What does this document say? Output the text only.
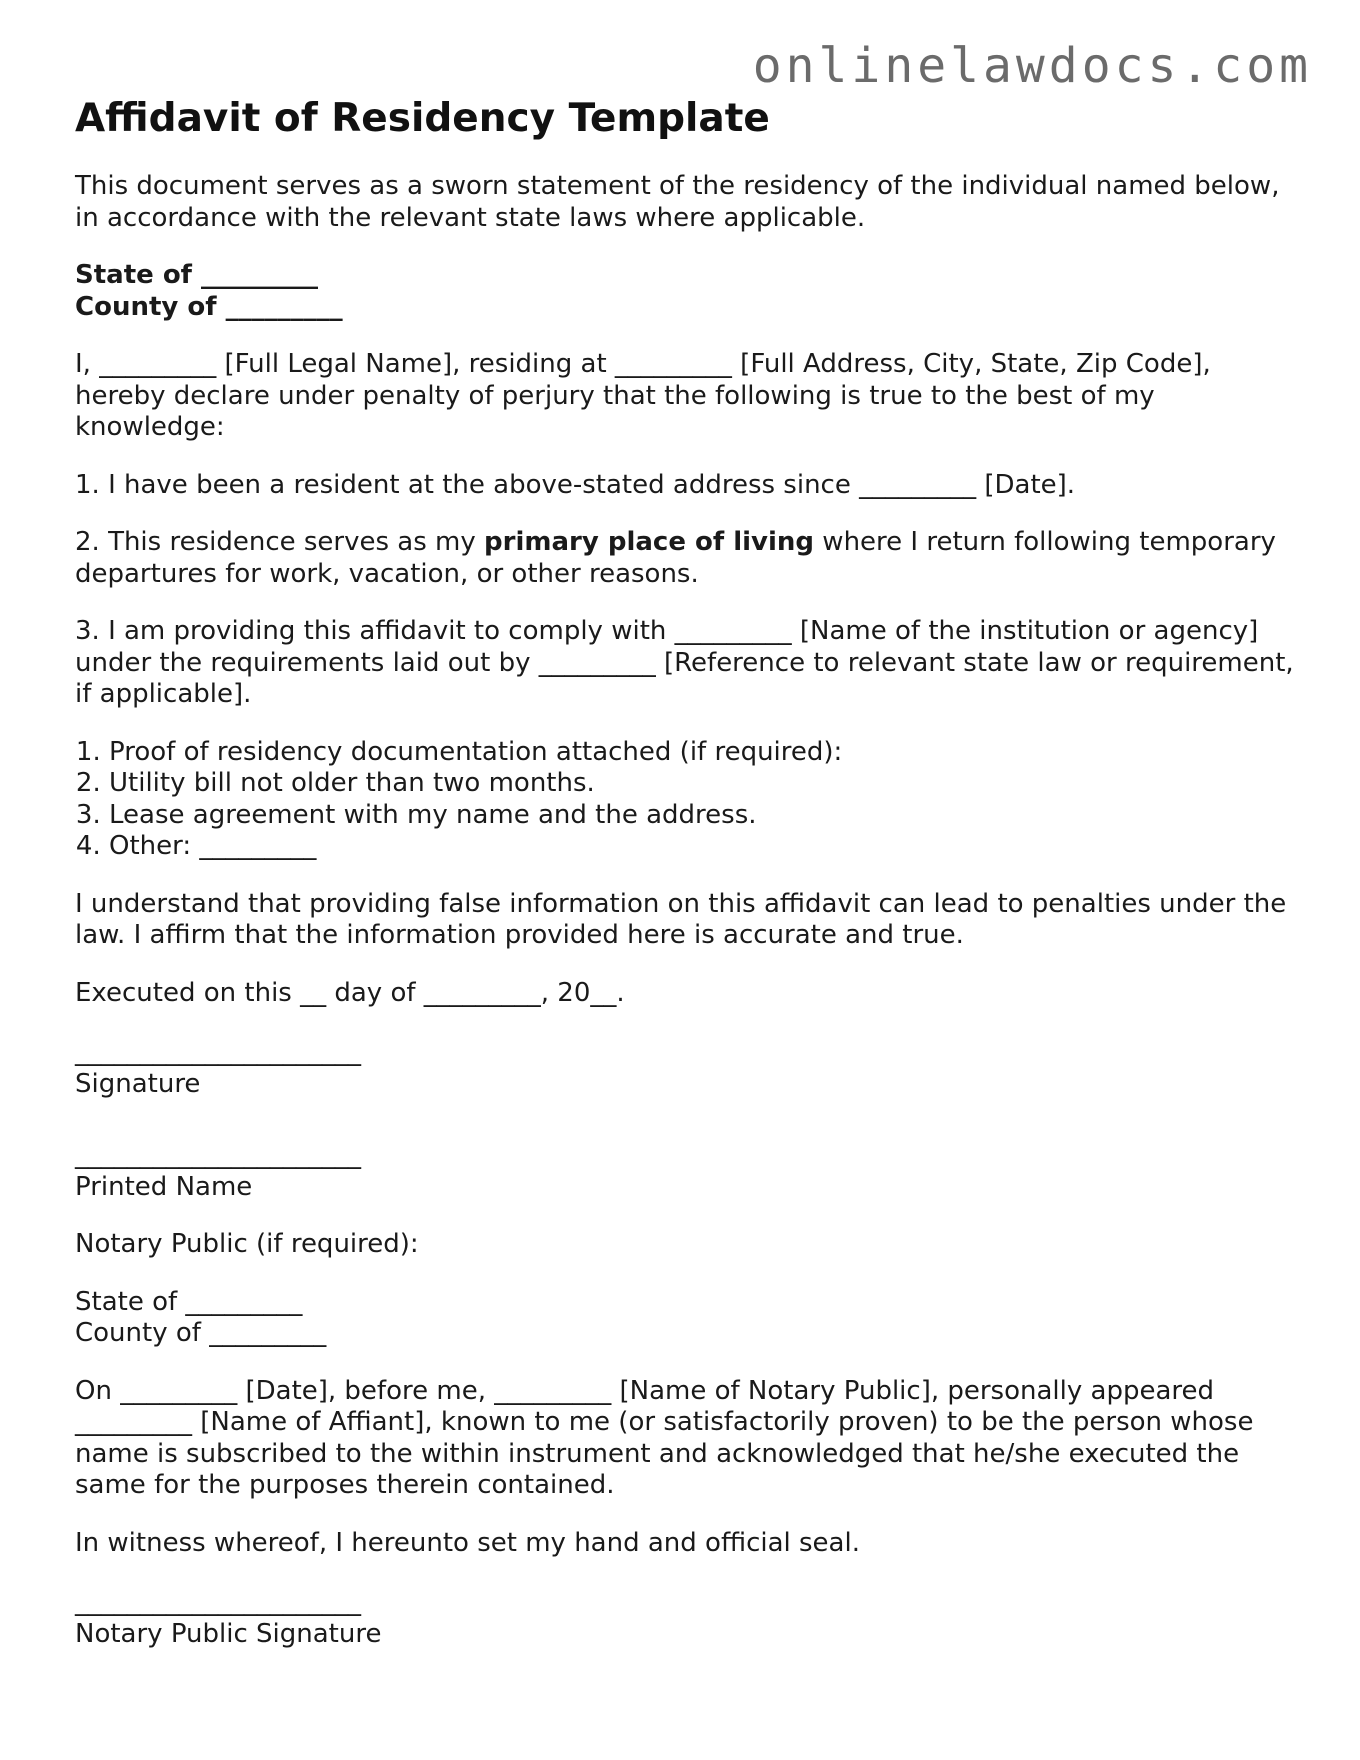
onlinelawdocs.com
Affidavit of Residency Template

This document serves as a sworn statement of the residency of the individual named below, in accordance with the relevant state laws where applicable.

State of _________

County of _________

I, _________ [Full Legal Name], residing at _________ [Full Address, City, State, Zip Code], hereby declare under penalty of perjury that the following is true to the best of my knowledge:

1. I have been a resident at the above-stated address since _________ [Date].

2. This residence serves as my primary place of living where I return following temporary departures for work, vacation, or other reasons.

3. I am providing this affidavit to comply with _________ [Name of the institution or agency] under the requirements laid out by _________ [Reference to relevant state law or requirement, if applicable].

1. Proof of residency documentation attached (if required):
2. Utility bill not older than two months.
3. Lease agreement with my name and the address.
4. Other: _________

I understand that providing false information on this affidavit can lead to penalties under the law. I affirm that the information provided here is accurate and true.

Executed on this __ day of _________, 20__.

______________________

Signature

______________________

Printed Name

Notary Public (if required):

State of _________

County of _________

On _________ [Date], before me, _________ [Name of Notary Public], personally appeared _________ [Name of Affiant], known to me (or satisfactorily proven) to be the person whose name is subscribed to the within instrument and acknowledged that he/she executed the same for the purposes therein contained.

In witness whereof, I hereunto set my hand and official seal.

______________________

Notary Public Signature
